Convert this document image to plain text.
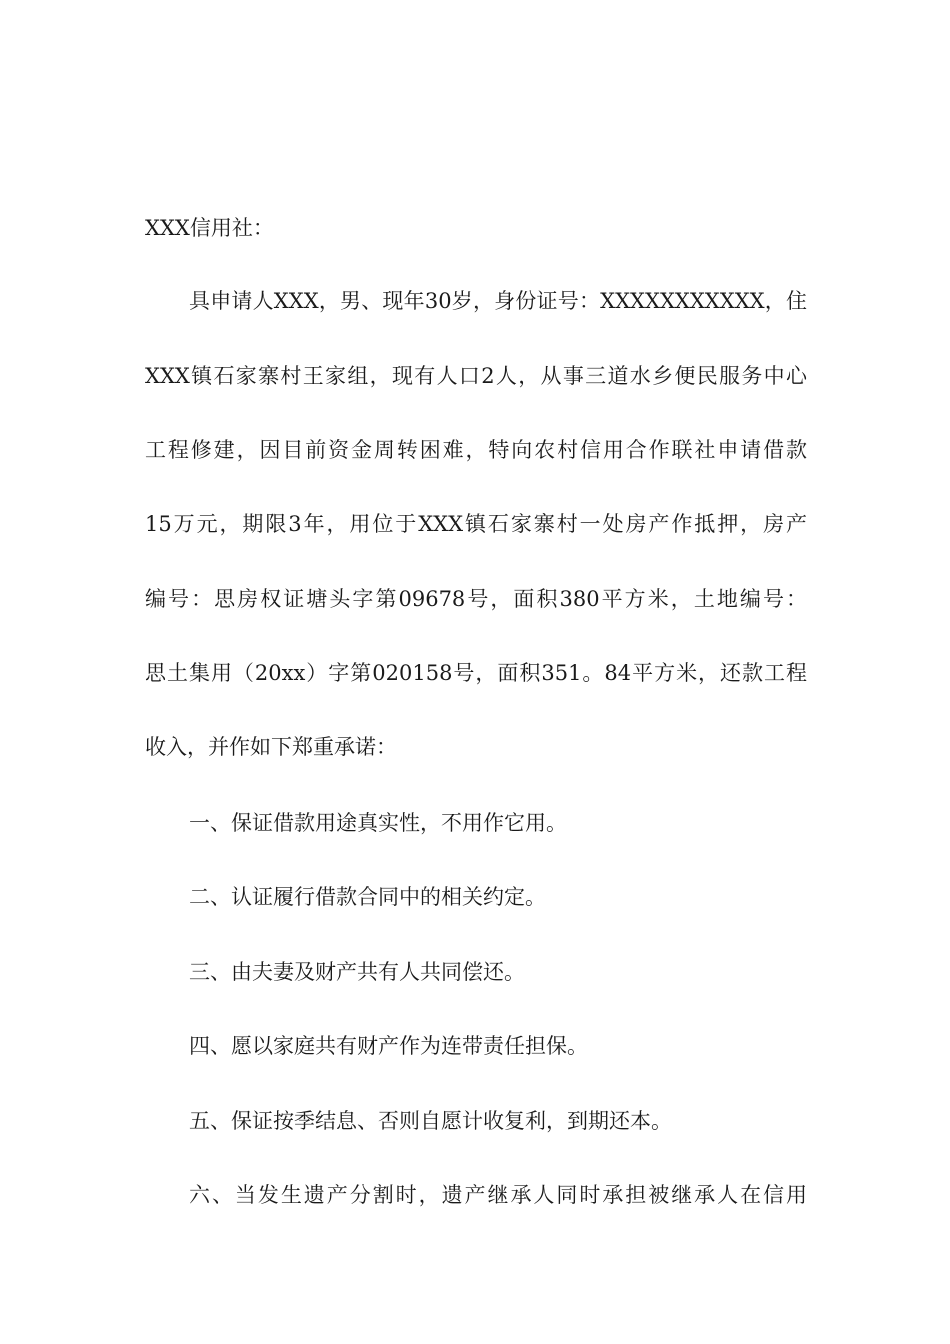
XXX信用社：
具申请人XXX，男、现年30岁，身份证号：XXXXXXXXXXX，住
XXX镇石家寨村王家组，现有人口2人，从事三道水乡便民服务中心
工程修建，因目前资金周转困难，特向农村信用合作联社申请借款
15万元，期限3年，用位于XXX镇石家寨村一处房产作抵押，房产
编号：思房权证塘头字第09678号，面积380平方米，土地编号：
思土集用（20xx）字第020158号，面积351。84平方米，还款工程
收入，并作如下郑重承诺：
一、保证借款用途真实性，不用作它用。
二、认证履行借款合同中的相关约定。
三、由夫妻及财产共有人共同偿还。
四、愿以家庭共有财产作为连带责任担保。
五、保证按季结息、否则自愿计收复利，到期还本。
六、当发生遗产分割时，遗产继承人同时承担被继承人在信用
